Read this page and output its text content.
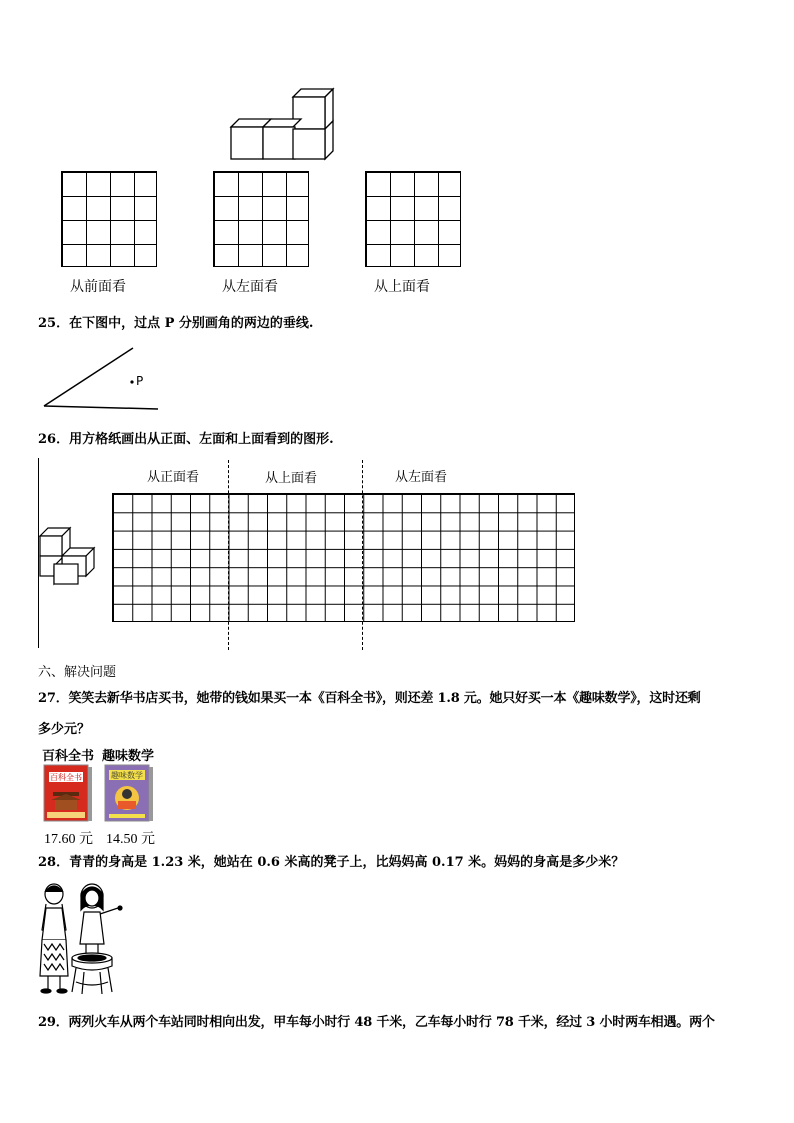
从前面看	从左面看	从上面看
25．在下图中，过点 P 分别画角的两边的垂线.
P
26．用方格纸画出从正面、左面和上面看到的图形.
从正面看	从上面看	从左面看
六、解决问题
27．笑笑去新华书店买书，她带的钱如果买一本《百科全书》，则还差 1.8 元。她只好买一本《趣味数学》，这时还剩
多少元？
百科全书
百科全书
17.60 元
趣味数学
趣味数学
14.50 元
28．青青的身高是 1.23 米，她站在 0.6 米高的凳子上，比妈妈高 0.17 米。妈妈的身高是多少米？
29．两列火车从两个车站同时相向出发，甲车每小时行 48 千米，乙车每小时行 78 千米，经过 3 小时两车相遇。两个
